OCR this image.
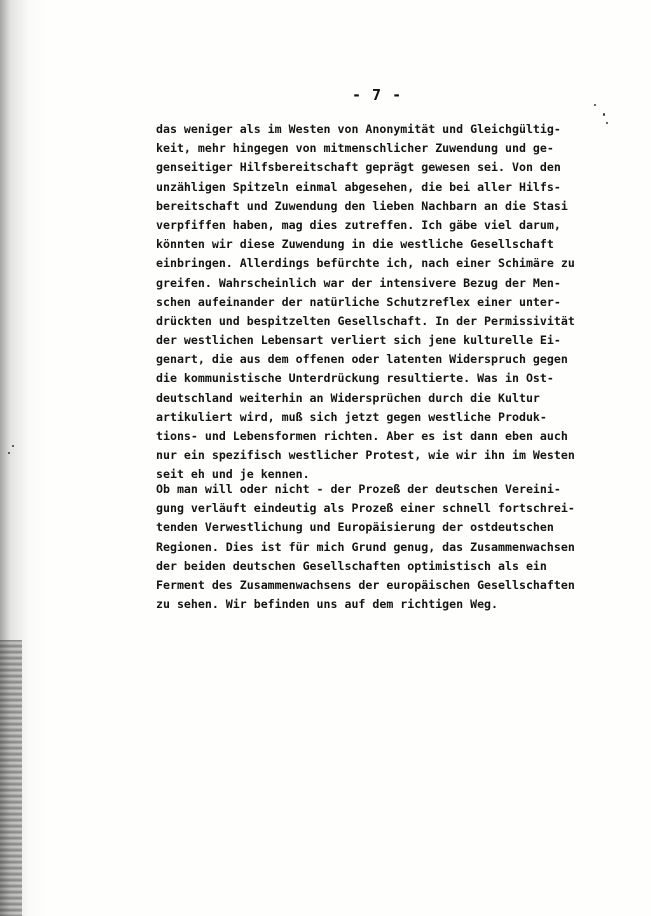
- 7 -
das weniger als im Westen von Anonymität und Gleichgültig-
keit, mehr hingegen von mitmenschlicher Zuwendung und ge-
genseitiger Hilfsbereitschaft geprägt gewesen sei. Von den
unzähligen Spitzeln einmal abgesehen, die bei aller Hilfs-
bereitschaft und Zuwendung den lieben Nachbarn an die Stasi
verpfiffen haben, mag dies zutreffen. Ich gäbe viel darum,
könnten wir diese Zuwendung in die westliche Gesellschaft
einbringen. Allerdings befürchte ich, nach einer Schimäre zu
greifen. Wahrscheinlich war der intensivere Bezug der Men-
schen aufeinander der natürliche Schutzreflex einer unter-
drückten und bespitzelten Gesellschaft. In der Permissivität
der westlichen Lebensart verliert sich jene kulturelle Ei-
genart, die aus dem offenen oder latenten Widerspruch gegen
die kommunistische Unterdrückung resultierte. Was in Ost-
deutschland weiterhin an Widersprüchen durch die Kultur
artikuliert wird, muß sich jetzt gegen westliche Produk-
tions- und Lebensformen richten. Aber es ist dann eben auch
nur ein spezifisch westlicher Protest, wie wir ihn im Westen
seit eh und je kennen.
Ob man will oder nicht - der Prozeß der deutschen Vereini-
gung verläuft eindeutig als Prozeß einer schnell fortschrei-
tenden Verwestlichung und Europäisierung der ostdeutschen
Regionen. Dies ist für mich Grund genug, das Zusammenwachsen
der beiden deutschen Gesellschaften optimistisch als ein
Ferment des Zusammenwachsens der europäischen Gesellschaften
zu sehen. Wir befinden uns auf dem richtigen Weg.
